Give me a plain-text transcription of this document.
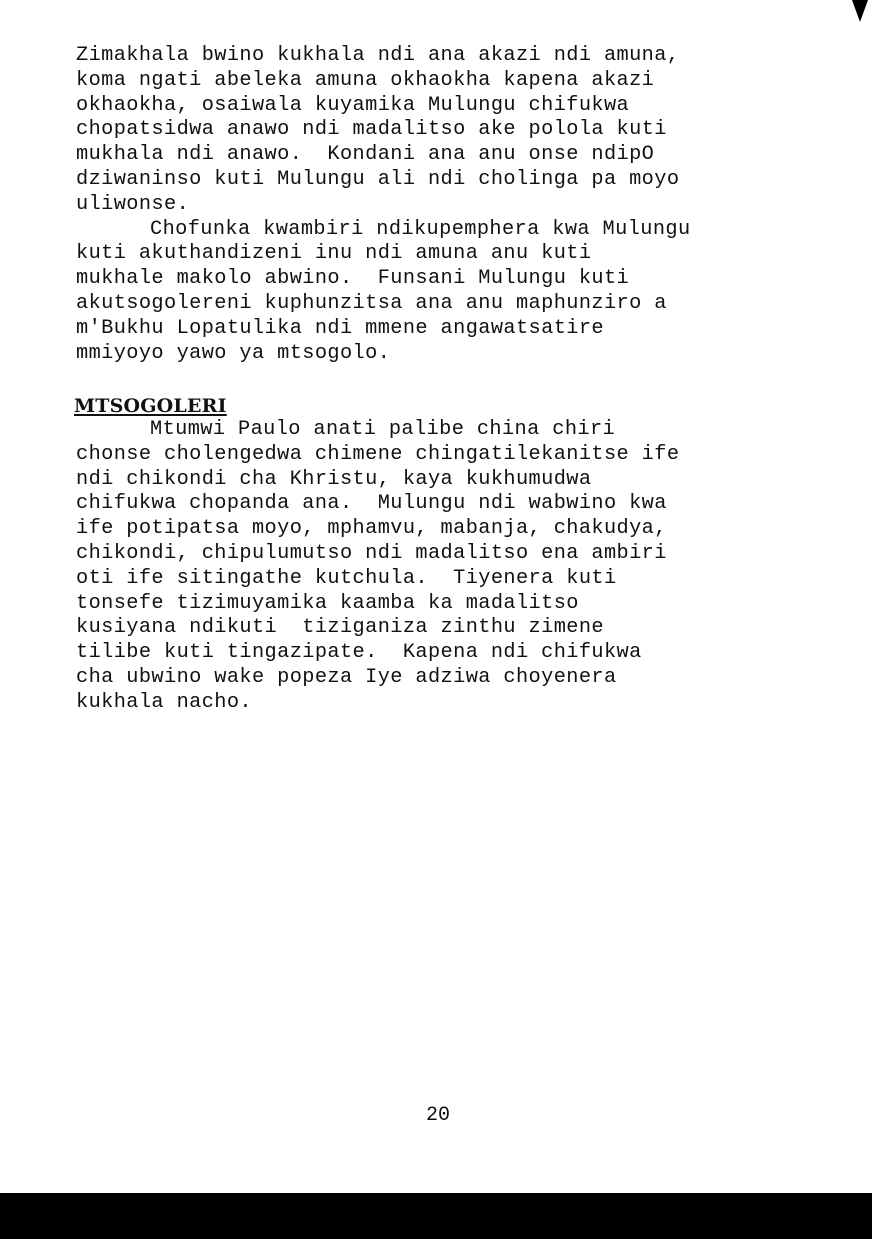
Zimakhala bwino kukhala ndi ana akazi ndi amuna,
koma ngati abeleka amuna okhaokha kapena akazi
okhaokha, osaiwala kuyamika Mulungu chifukwa
chopatsidwa anawo ndi madalitso ake polola kuti
mukhala ndi anawo.  Kondani ana anu onse ndipO
dziwaninso kuti Mulungu ali ndi cholinga pa moyo
uliwonse.
Chofunka kwambiri ndikupemphera kwa Mulungu
kuti akuthandizeni inu ndi amuna anu kuti
mukhale makolo abwino.  Funsani Mulungu kuti
akutsogolereni kuphunzitsa ana anu maphunziro a
m'Bukhu Lopatulika ndi mmene angawatsatire
mmiyoyo yawo ya mtsogolo.
MTSOGOLERI
Mtumwi Paulo anati palibe china chiri
chonse cholengedwa chimene chingatilekanitse ife
ndi chikondi cha Khristu, kaya kukhumudwa
chifukwa chopanda ana.  Mulungu ndi wabwino kwa
ife potipatsa moyo, mphamvu, mabanja, chakudya,
chikondi, chipulumutso ndi madalitso ena ambiri
oti ife sitingathe kutchula.  Tiyenera kuti
tonsefe tizimuyamika kaamba ka madalitso
kusiyana ndikuti  tiziganiza zinthu zimene
tilibe kuti tingazipate.  Kapena ndi chifukwa
cha ubwino wake popeza Iye adziwa choyenera
kukhala nacho.
20
